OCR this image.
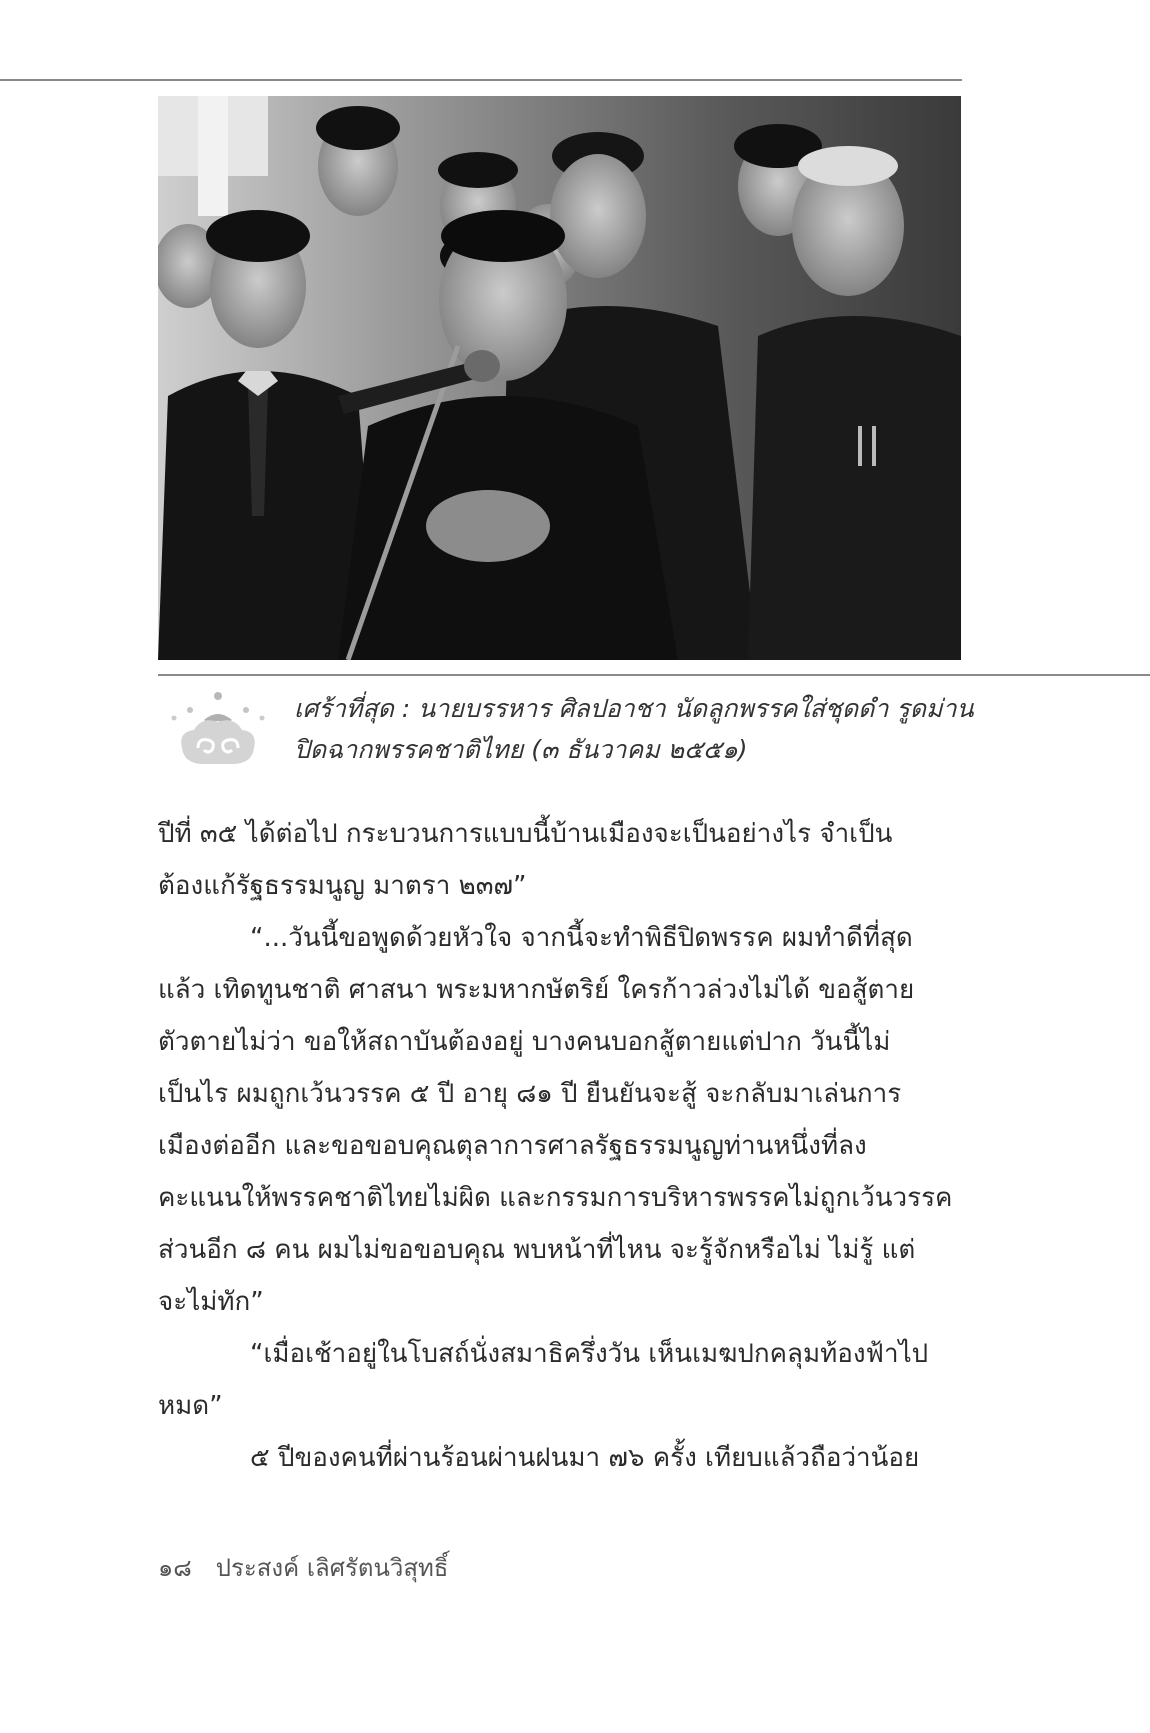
เศร้าที่สุด : นายบรรหาร ศิลปอาชา นัดลูกพรรคใส่ชุดดำ รูดม่าน
ปิดฉากพรรคชาติไทย (๓ ธันวาคม ๒๕๕๑)

ปีที่ ๓๕ ได้ต่อไป กระบวนการแบบนี้บ้านเมืองจะเป็นอย่างไร จำเป็น
ต้องแก้รัฐธรรมนูญ มาตรา ๒๓๗”
“...วันนี้ขอพูดด้วยหัวใจ จากนี้จะทำพิธีปิดพรรค ผมทำดีที่สุด
แล้ว เทิดทูนชาติ ศาสนา พระมหากษัตริย์ ใครก้าวล่วงไม่ได้ ขอสู้ตาย
ตัวตายไม่ว่า ขอให้สถาบันต้องอยู่ บางคนบอกสู้ตายแต่ปาก วันนี้ไม่
เป็นไร ผมถูกเว้นวรรค ๕ ปี อายุ ๘๑ ปี ยืนยันจะสู้ จะกลับมาเล่นการ
เมืองต่ออีก และขอขอบคุณตุลาการศาลรัฐธรรมนูญท่านหนึ่งที่ลง
คะแนนให้พรรคชาติไทยไม่ผิด และกรรมการบริหารพรรคไม่ถูกเว้นวรรค
ส่วนอีก ๘ คน ผมไม่ขอขอบคุณ พบหน้าที่ไหน จะรู้จักหรือไม่ ไม่รู้ แต่
จะไม่ทัก”
“เมื่อเช้าอยู่ในโบสถ์นั่งสมาธิครึ่งวัน เห็นเมฆปกคลุมท้องฟ้าไป
หมด”
๕ ปีของคนที่ผ่านร้อนผ่านฝนมา ๗๖ ครั้ง เทียบแล้วถือว่าน้อย
๑๘ ประสงค์ เลิศรัตนวิสุทธิ์
